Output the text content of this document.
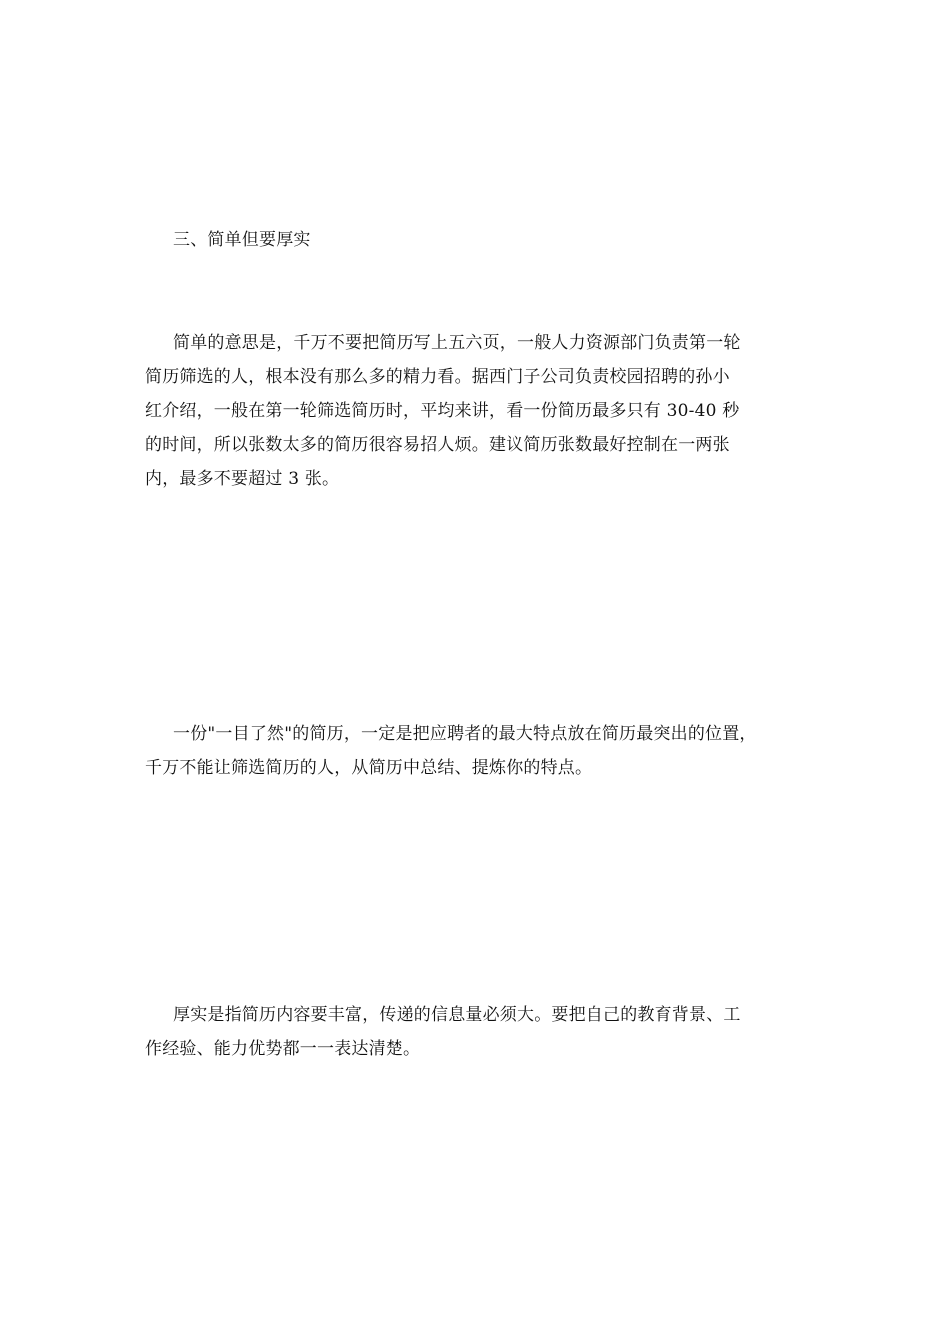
三、简单但要厚实
简单的意思是，千万不要把简历写上五六页，一般人力资源部门负责第一轮
简历筛选的人，根本没有那么多的精力看。据西门子公司负责校园招聘的孙小
红介绍，一般在第一轮筛选简历时，平均来讲，看一份简历最多只有 30-40 秒
的时间，所以张数太多的简历很容易招人烦。建议简历张数最好控制在一两张
内，最多不要超过 3 张。
一份"一目了然"的简历，一定是把应聘者的最大特点放在简历最突出的位置，
千万不能让筛选简历的人，从简历中总结、提炼你的特点。
厚实是指简历内容要丰富，传递的信息量必须大。要把自己的教育背景、工
作经验、能力优势都一一表达清楚。
